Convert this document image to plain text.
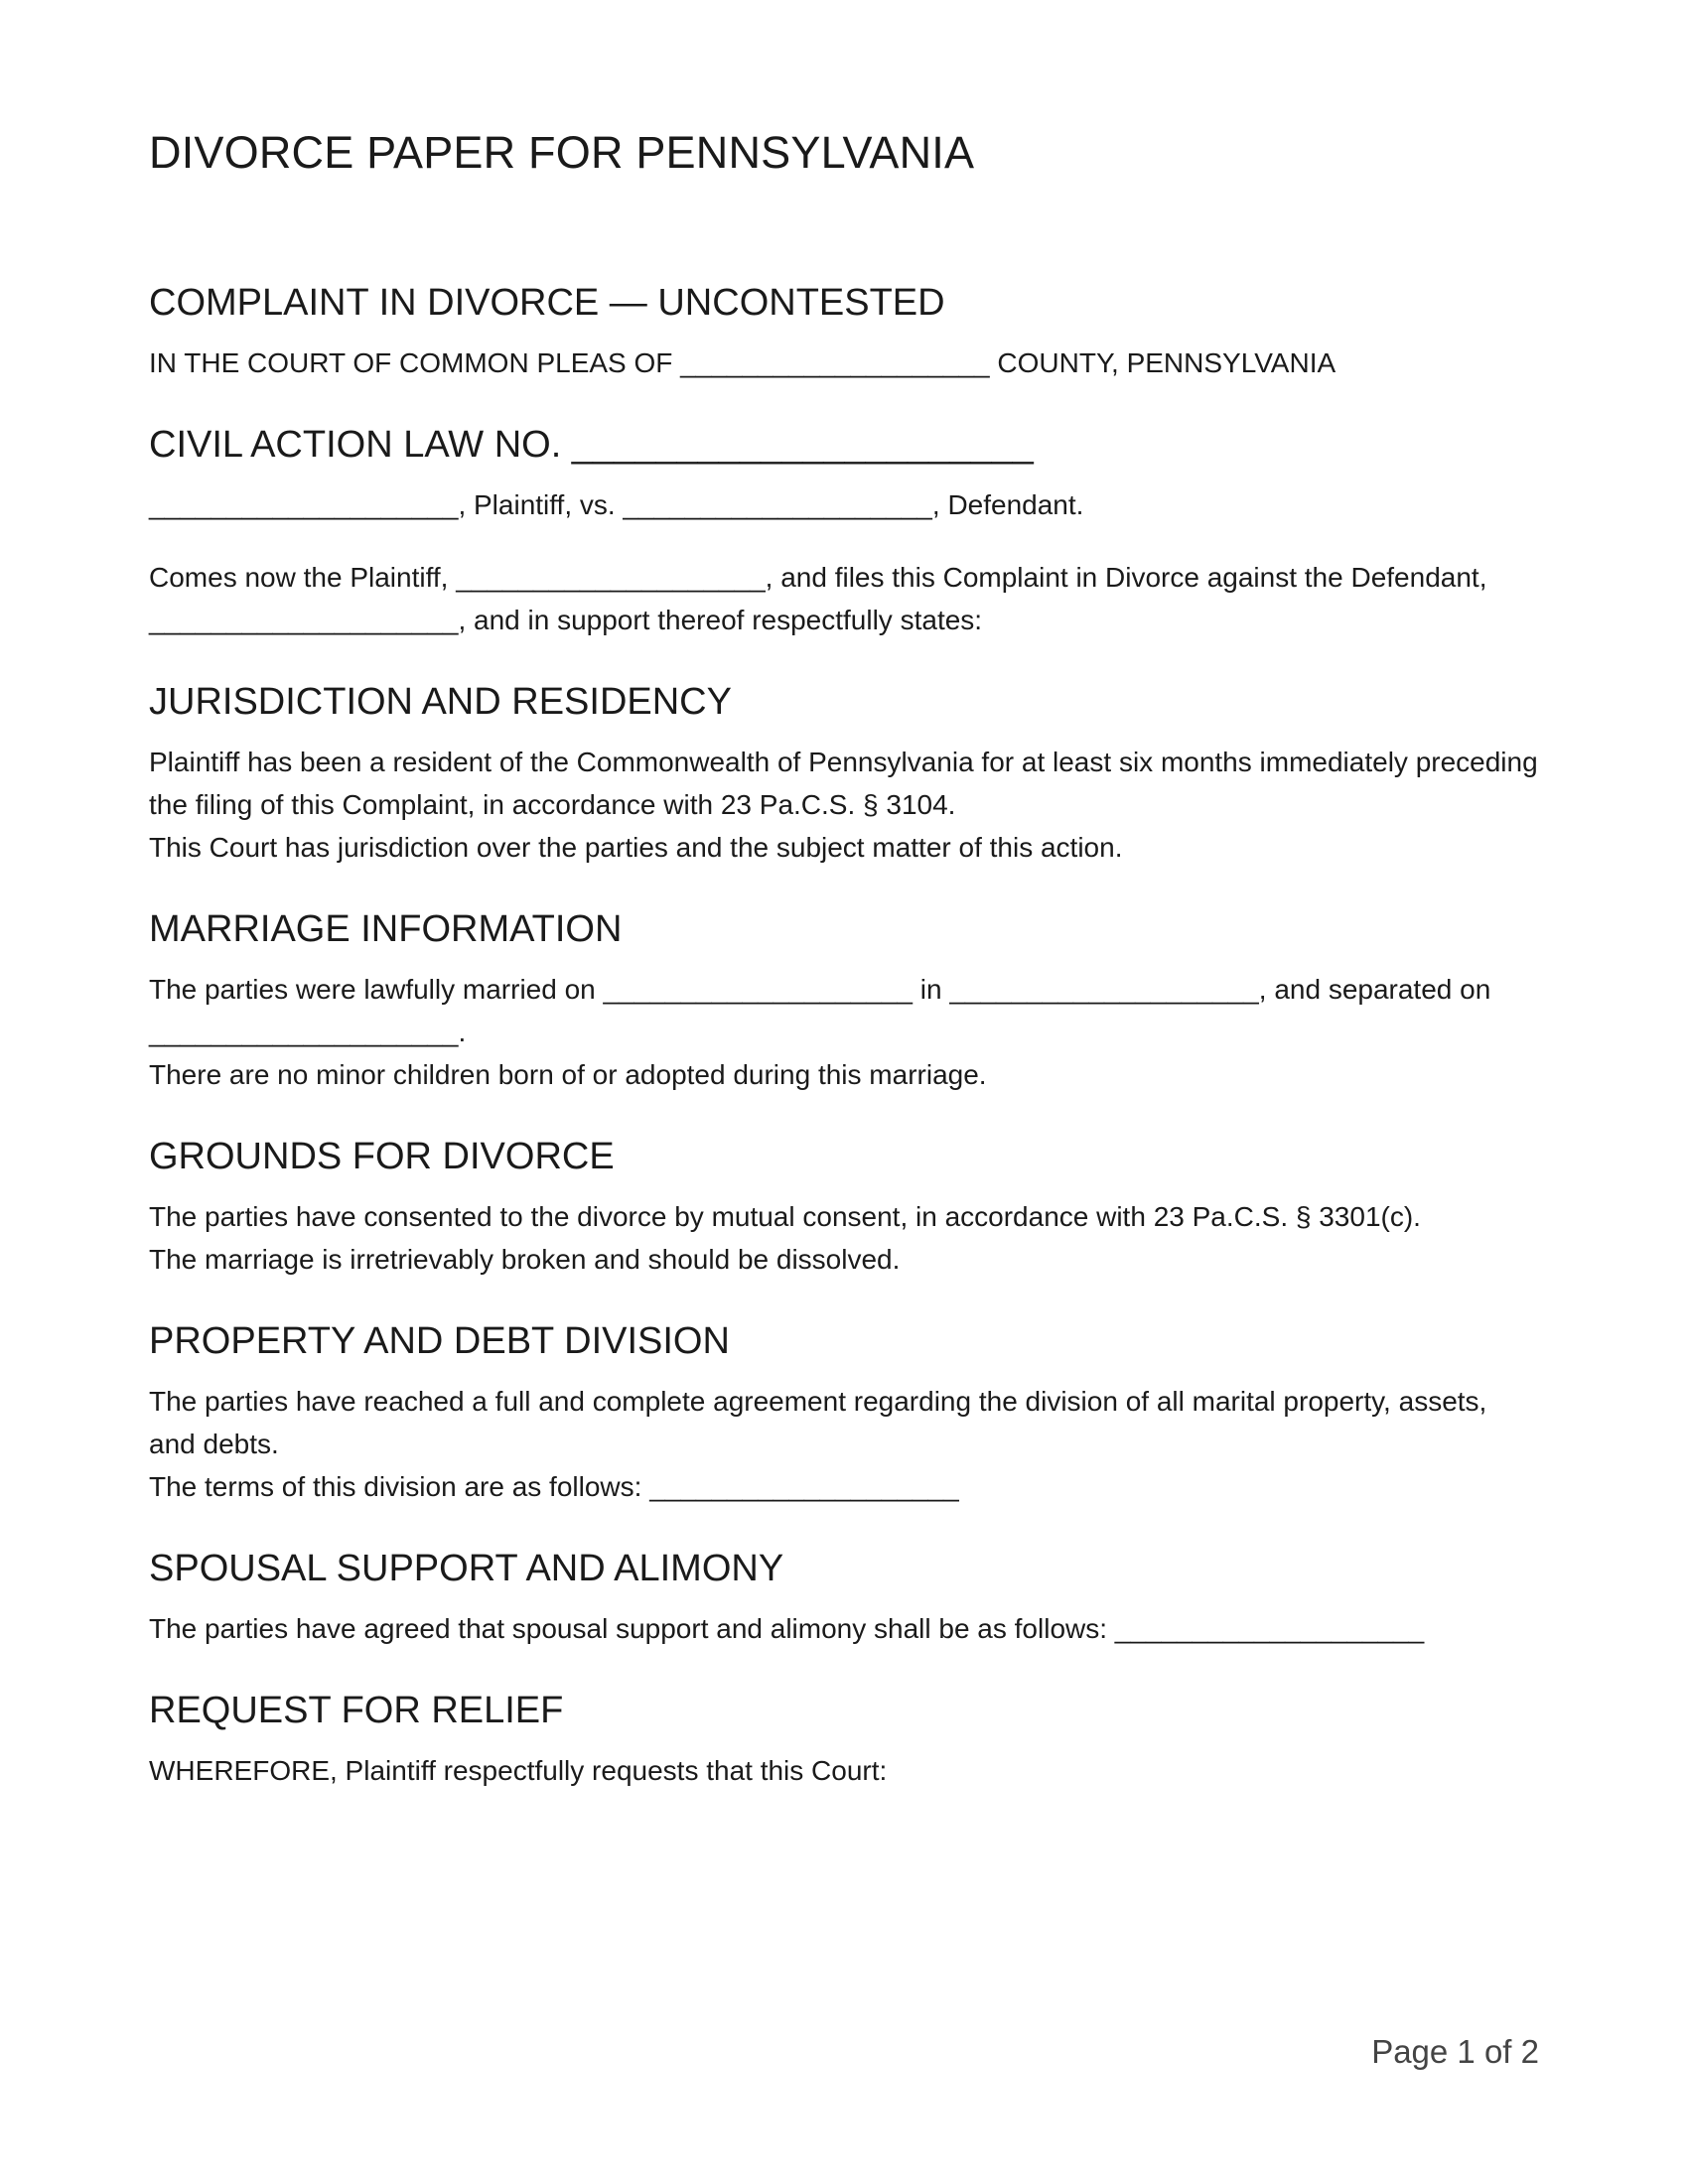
DIVORCE PAPER FOR PENNSYLVANIA
COMPLAINT IN DIVORCE — UNCONTESTED

IN THE COURT OF COMMON PLEAS OF ____________________ COUNTY, PENNSYLVANIA

CIVIL ACTION LAW NO. ______________________

____________________, Plaintiff, vs. ____________________, Defendant.

Comes now the Plaintiff, ____________________, and files this Complaint in Divorce against the Defendant, ____________________, and in support thereof respectfully states:

JURISDICTION AND RESIDENCY

Plaintiff has been a resident of the Commonwealth of Pennsylvania for at least six months immediately preceding the filing of this Complaint, in accordance with 23 Pa.C.S. § 3104.

This Court has jurisdiction over the parties and the subject matter of this action.

MARRIAGE INFORMATION

The parties were lawfully married on ____________________ in ____________________, and separated on ____________________.

There are no minor children born of or adopted during this marriage.

GROUNDS FOR DIVORCE

The parties have consented to the divorce by mutual consent, in accordance with 23 Pa.C.S. § 3301(c).

The marriage is irretrievably broken and should be dissolved.

PROPERTY AND DEBT DIVISION

The parties have reached a full and complete agreement regarding the division of all marital property, assets, and debts.

The terms of this division are as follows: ____________________

SPOUSAL SUPPORT AND ALIMONY

The parties have agreed that spousal support and alimony shall be as follows: ____________________

REQUEST FOR RELIEF

WHEREFORE, Plaintiff respectfully requests that this Court:

Page 1 of 2
